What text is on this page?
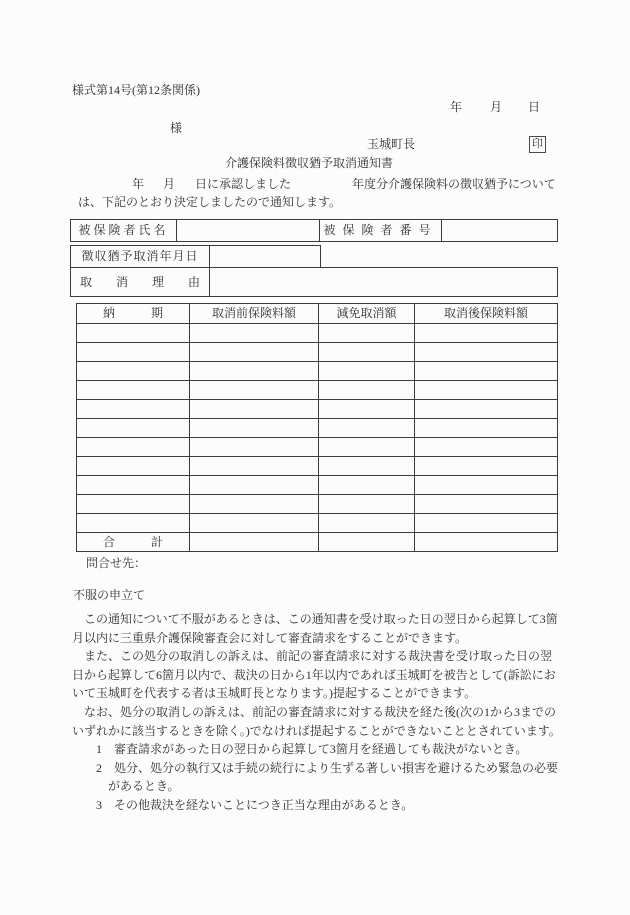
様式第14号(第12条関係)
年 月 日
様
玉城町長	印
介護保険料徴収猶予取消通知書
年 月 日に承認しました	年度分介護保険料の徴収猶予について
は、下記のとおり決定しましたので通知します。
被保険者氏名	被保険者番号
徴収猶予取消年月日
取　　消　　理　　由
納　　　期	取消前保険料額	減免取消額	取消後保険料額
合　　　計
問合せ先：
不服の申立て
　この通知について不服があるときは、この通知書を受け取った日の翌日から起算して3箇
月以内に三重県介護保険審査会に対して審査請求をすることができます。
　また、この処分の取消しの訴えは、前記の審査請求に対する裁決書を受け取った日の翌
日から起算して6箇月以内で、裁決の日から1年以内であれば玉城町を被告として(訴訟にお
いて玉城町を代表する者は玉城町長となります。)提起することができます。
　なお、処分の取消しの訴えは、前記の審査請求に対する裁決を経た後(次の1から3までの
いずれかに該当するときを除く。)でなければ提起することができないこととされています。
　　1　審査請求があった日の翌日から起算して3箇月を経過しても裁決がないとき。
　　2　処分、処分の執行又は手続の続行により生ずる著しい損害を避けるため緊急の必要
　　　があるとき。
　　3　その他裁決を経ないことにつき正当な理由があるとき。
